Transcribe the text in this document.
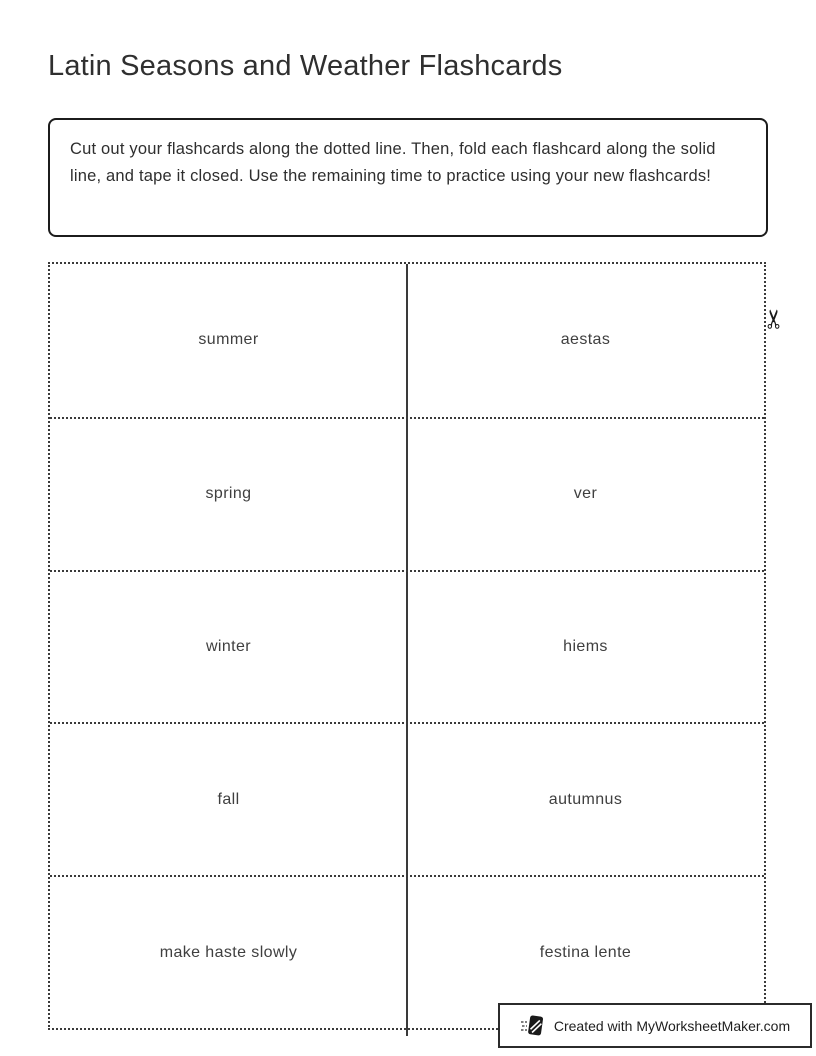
Latin Seasons and Weather Flashcards

Cut out your flashcards along the dotted line. Then, fold each flashcard along the solid line, and tape it closed. Use the remaining time to practice using your new flashcards!

summer	aestas
spring	ver
winter	hiems
fall	autumnus
make haste slowly	festina lente
✂
Created with MyWorksheetMaker.com
